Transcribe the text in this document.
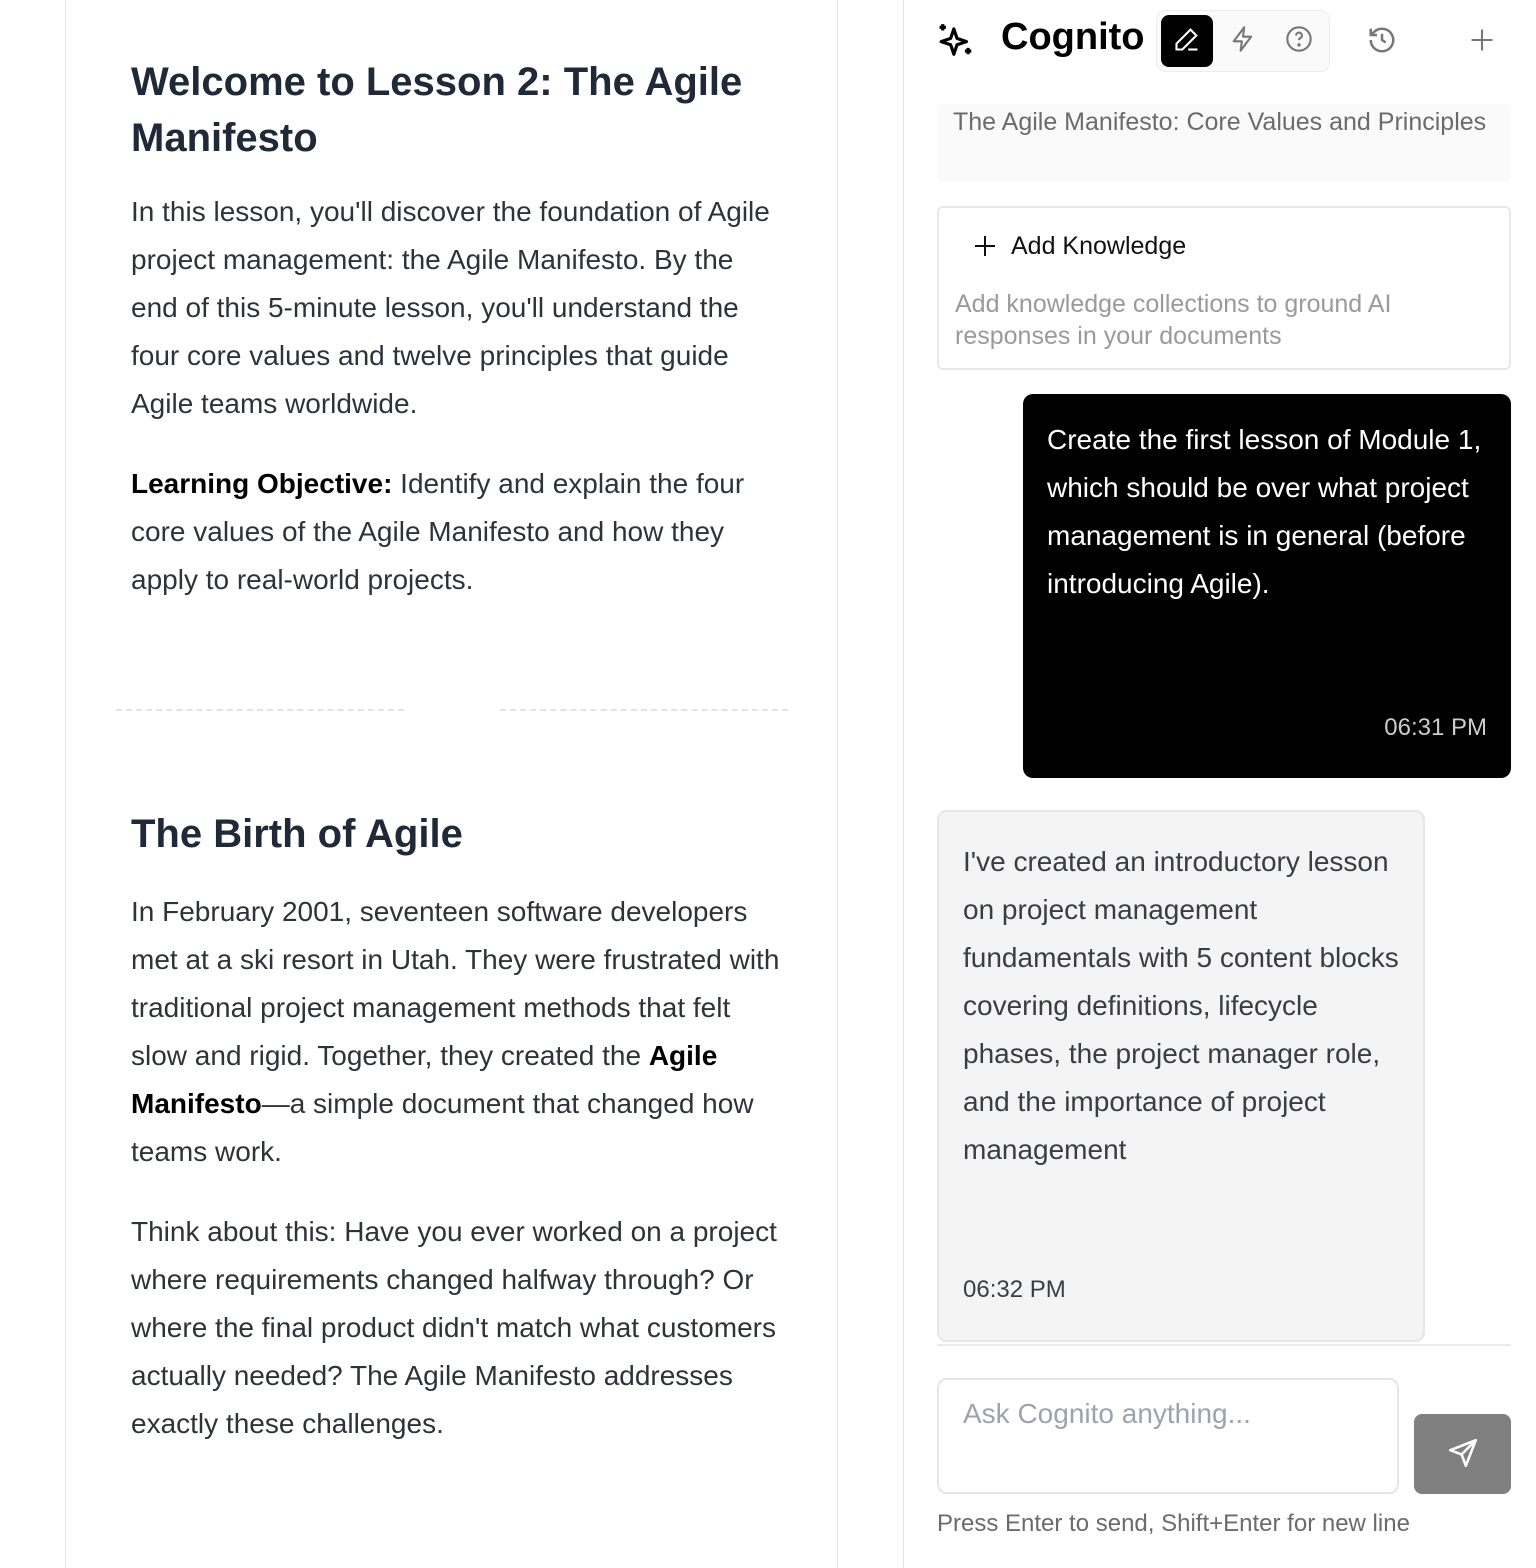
Welcome to Lesson 2: The Agile Manifesto

In this lesson, you'll discover the foundation of Agile project management: the Agile Manifesto. By the end of this 5-minute lesson, you'll understand the four core values and twelve principles that guide Agile teams worldwide.

Learning Objective: Identify and explain the four core values of the Agile Manifesto and how they apply to real-world projects.

The Birth of Agile

In February 2001, seventeen software developers met at a ski resort in Utah. They were frustrated with traditional project management methods that felt slow and rigid. Together, they created the Agile Manifesto—a simple document that changed how teams work.

Think about this: Have you ever worked on a project where requirements changed halfway through? Or where the final product didn't match what customers actually needed? The Agile Manifesto addresses exactly these challenges.

Cognito
The Agile Manifesto: Core Values and Principles
Add Knowledge
Add knowledge collections to ground AI responses in your documents
Create the first lesson of Module 1, which should be over what project management is in general (before introducing Agile).
06:31 PM
I've created an introductory lesson on project management fundamentals with 5 content blocks covering definitions, lifecycle phases, the project manager role, and the importance of project management
06:32 PM
Ask Cognito anything...
Press Enter to send, Shift+Enter for new line
